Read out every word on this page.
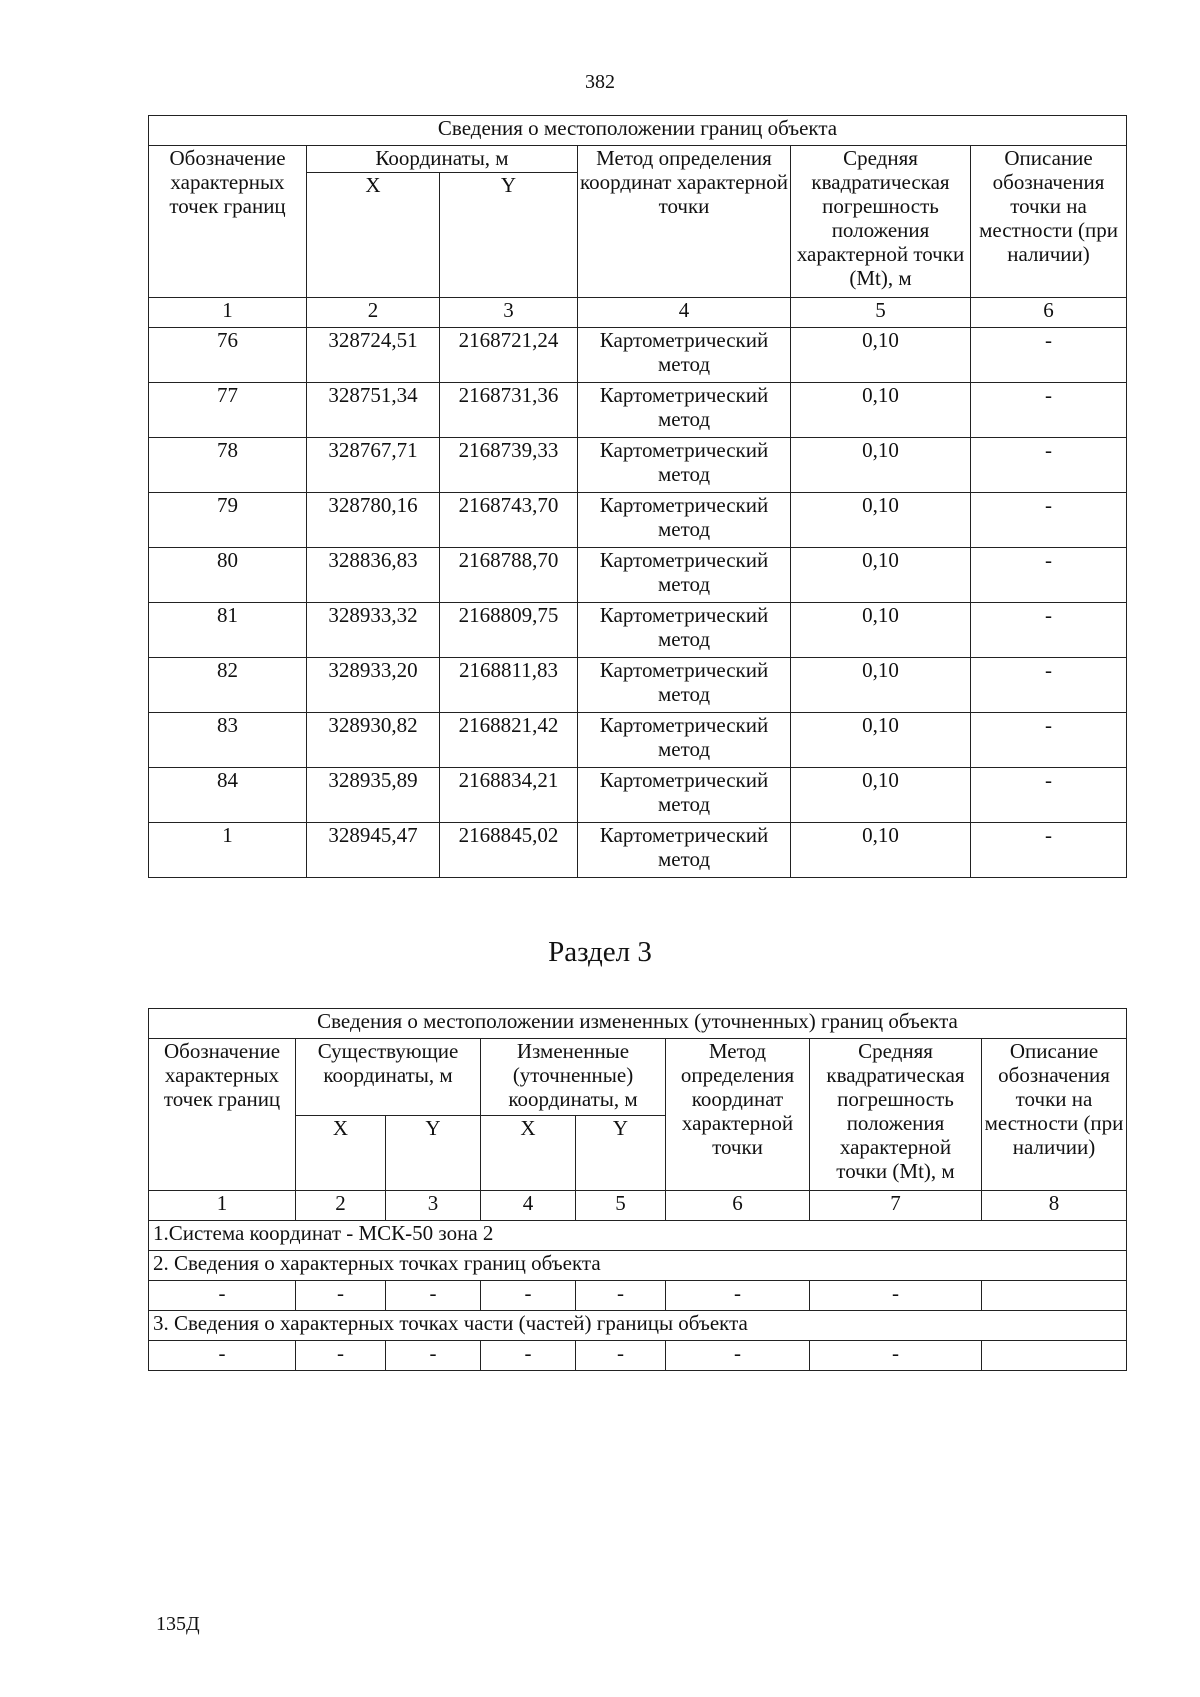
382
Сведения о местоположении границ объекта					
Обозначение характерных точек границ	Координаты, м		Метод определения координат характерной точки	Средняя квадратическая погрешность положения характерной точки (Mt), м	Описание обозначения точки на местности (при наличии)
	X	Y			
1	2	3	4	5	6
76	328724,51	2168721,24	Картометрический метод	0,10	-
77	328751,34	2168731,36	Картометрический метод	0,10	-
78	328767,71	2168739,33	Картометрический метод	0,10	-
79	328780,16	2168743,70	Картометрический метод	0,10	-
80	328836,83	2168788,70	Картометрический метод	0,10	-
81	328933,32	2168809,75	Картометрический метод	0,10	-
82	328933,20	2168811,83	Картометрический метод	0,10	-
83	328930,82	2168821,42	Картометрический метод	0,10	-
84	328935,89	2168834,21	Картометрический метод	0,10	-
1	328945,47	2168845,02	Картометрический метод	0,10	-
Раздел 3
Сведения о местоположении измененных (уточненных) границ объекта							
Обозначение характерных точек границ	Существующие координаты, м		Измененные (уточненные) координаты, м		Метод определения координат характерной точки	Средняя квадратическая погрешность положения характерной точки (Mt), м	Описание обозначения точки на местности (при наличии)
	X	Y	X	Y			
1	2	3	4	5	6	7	8
1.Система координат - МСК-50 зона 2							
2. Сведения о характерных точках границ объекта							
-	-	-	-	-	-	-	
3. Сведения о характерных точках части (частей) границы объекта							
-	-	-	-	-	-	-	
135Д
